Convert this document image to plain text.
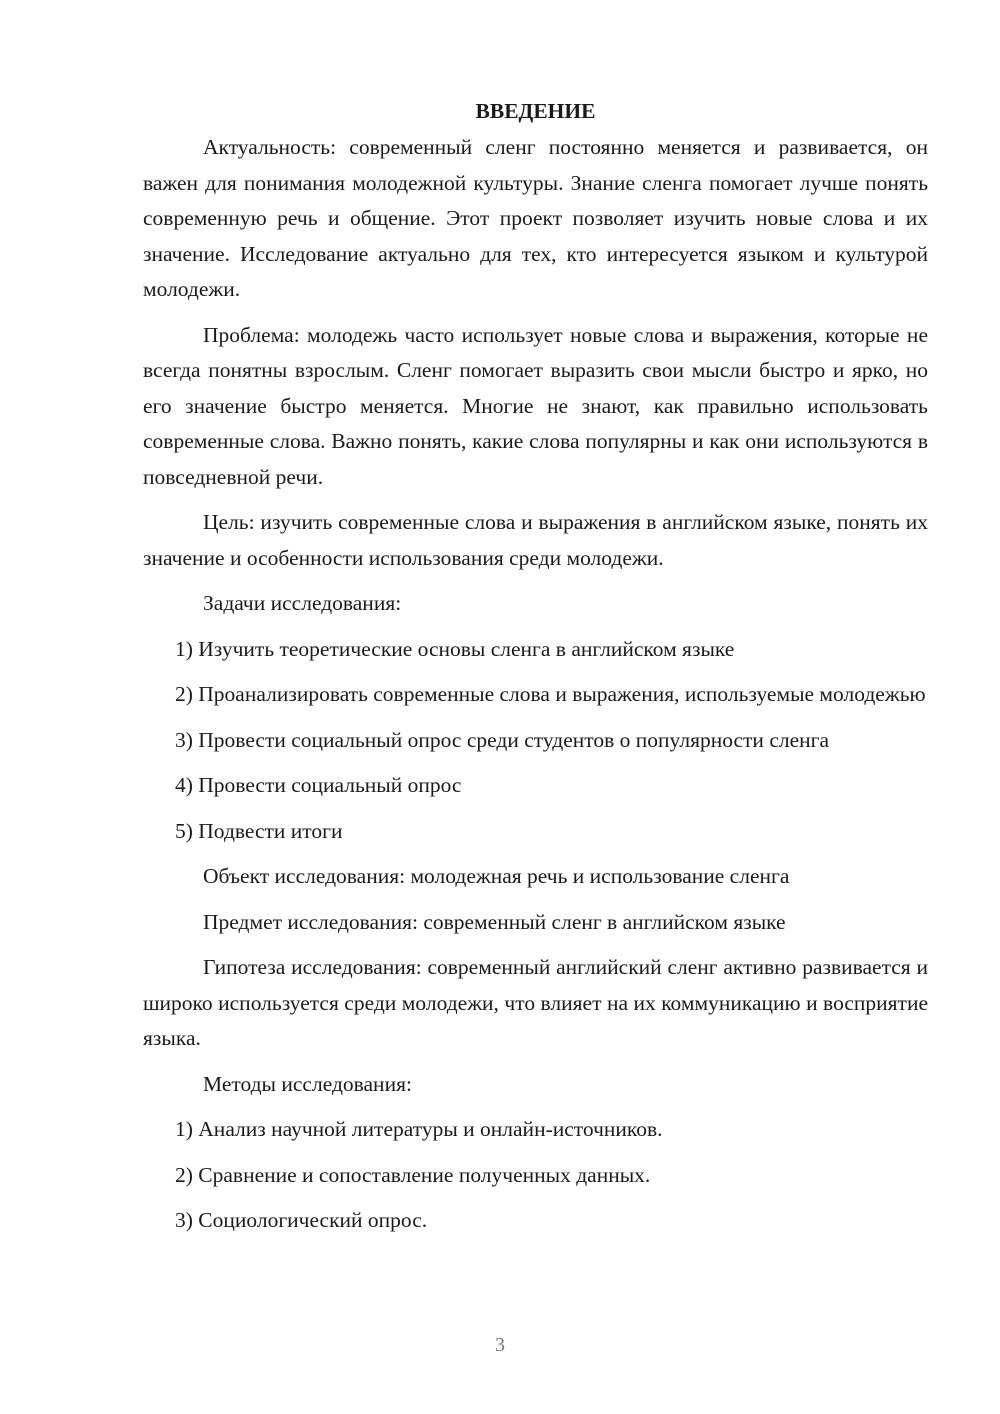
ВВЕДЕНИЕ

Актуальность: современный сленг постоянно меняется и развивается, он важен для понимания молодежной культуры. Знание сленга помогает лучше понять современную речь и общение. Этот проект позволяет изучить новые слова и их значение. Исследование актуально для тех, кто интересуется языком и культурой молодежи.

Проблема: молодежь часто использует новые слова и выражения, которые не всегда понятны взрослым. Сленг помогает выразить свои мысли быстро и ярко, но его значение быстро меняется. Многие не знают, как правильно использовать современные слова. Важно понять, какие слова популярны и как они используются в повседневной речи.

Цель: изучить современные слова и выражения в английском языке, понять их значение и особенности использования среди молодежи.

Задачи исследования:

1) Изучить теоретические основы сленга в английском языке

2) Проанализировать современные слова и выражения, используемые молодежью

3) Провести социальный опрос среди студентов о популярности сленга

4) Провести социальный опрос

5) Подвести итоги

Объект исследования: молодежная речь и использование сленга

Предмет исследования: современный сленг в английском языке

Гипотеза исследования: современный английский сленг активно развивается и широко используется среди молодежи, что влияет на их коммуникацию и восприятие языка.

Методы исследования:

1) Анализ научной литературы и онлайн-источников.

2) Сравнение и сопоставление полученных данных.

3) Социологический опрос.

3
